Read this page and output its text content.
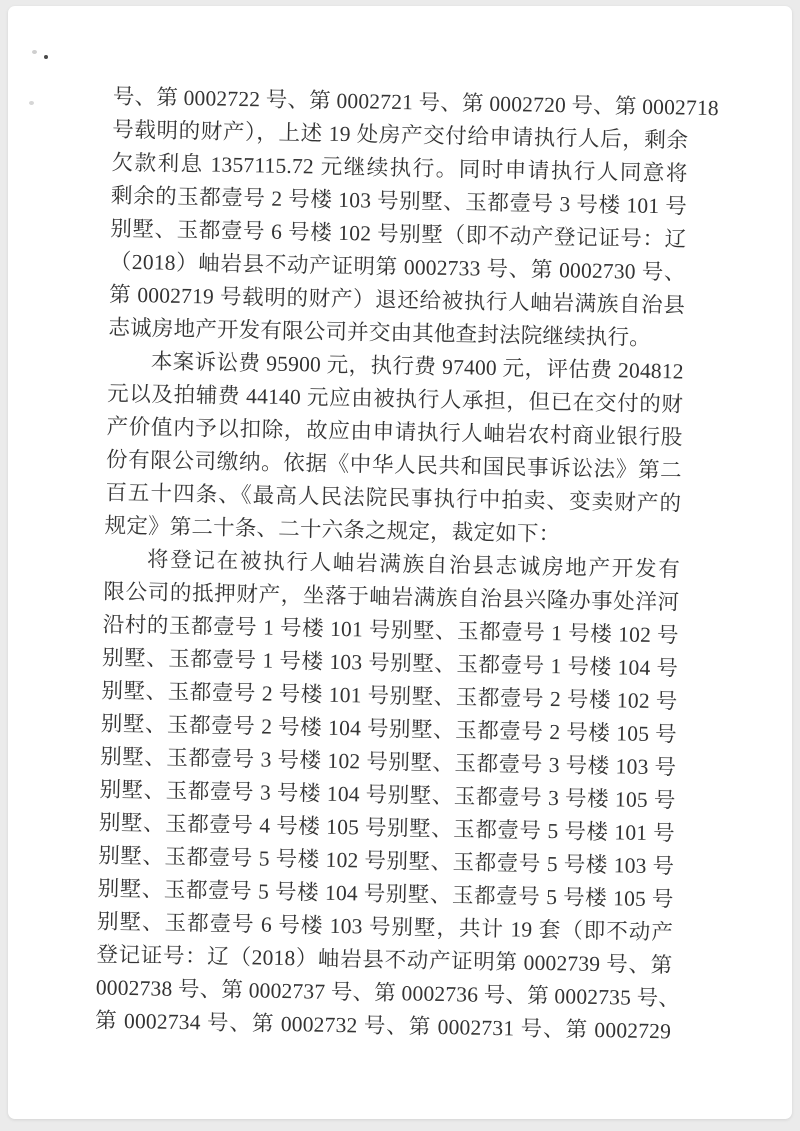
号、第 0002722 号、第 0002721 号、第 0002720 号、第 0002718
号载明的财产），上述 19 处房产交付给申请执行人后，剩余
欠款利息 1357115.72 元继续执行。同时申请执行人同意将
剩余的玉都壹号 2 号楼 103 号别墅、玉都壹号 3 号楼 101 号
别墅、玉都壹号 6 号楼 102 号别墅（即不动产登记证号：辽
（2018）岫岩县不动产证明第 0002733 号、第 0002730 号、
第 0002719 号载明的财产）退还给被执行人岫岩满族自治县
志诚房地产开发有限公司并交由其他查封法院继续执行。
本案诉讼费 95900 元，执行费 97400 元，评估费 204812
元以及拍辅费 44140 元应由被执行人承担，但已在交付的财
产价值内予以扣除，故应由申请执行人岫岩农村商业银行股
份有限公司缴纳。依据《中华人民共和国民事诉讼法》第二
百五十四条、《最高人民法院民事执行中拍卖、变卖财产的
规定》第二十条、二十六条之规定，裁定如下：
将登记在被执行人岫岩满族自治县志诚房地产开发有
限公司的抵押财产，坐落于岫岩满族自治县兴隆办事处洋河
沿村的玉都壹号 1 号楼 101 号别墅、玉都壹号 1 号楼 102 号
别墅、玉都壹号 1 号楼 103 号别墅、玉都壹号 1 号楼 104 号
别墅、玉都壹号 2 号楼 101 号别墅、玉都壹号 2 号楼 102 号
别墅、玉都壹号 2 号楼 104 号别墅、玉都壹号 2 号楼 105 号
别墅、玉都壹号 3 号楼 102 号别墅、玉都壹号 3 号楼 103 号
别墅、玉都壹号 3 号楼 104 号别墅、玉都壹号 3 号楼 105 号
别墅、玉都壹号 4 号楼 105 号别墅、玉都壹号 5 号楼 101 号
别墅、玉都壹号 5 号楼 102 号别墅、玉都壹号 5 号楼 103 号
别墅、玉都壹号 5 号楼 104 号别墅、玉都壹号 5 号楼 105 号
别墅、玉都壹号 6 号楼 103 号别墅，共计 19 套（即不动产
登记证号：辽（2018）岫岩县不动产证明第 0002739 号、第
0002738 号、第 0002737 号、第 0002736 号、第 0002735 号、
第 0002734 号、第 0002732 号、第 0002731 号、第 0002729
